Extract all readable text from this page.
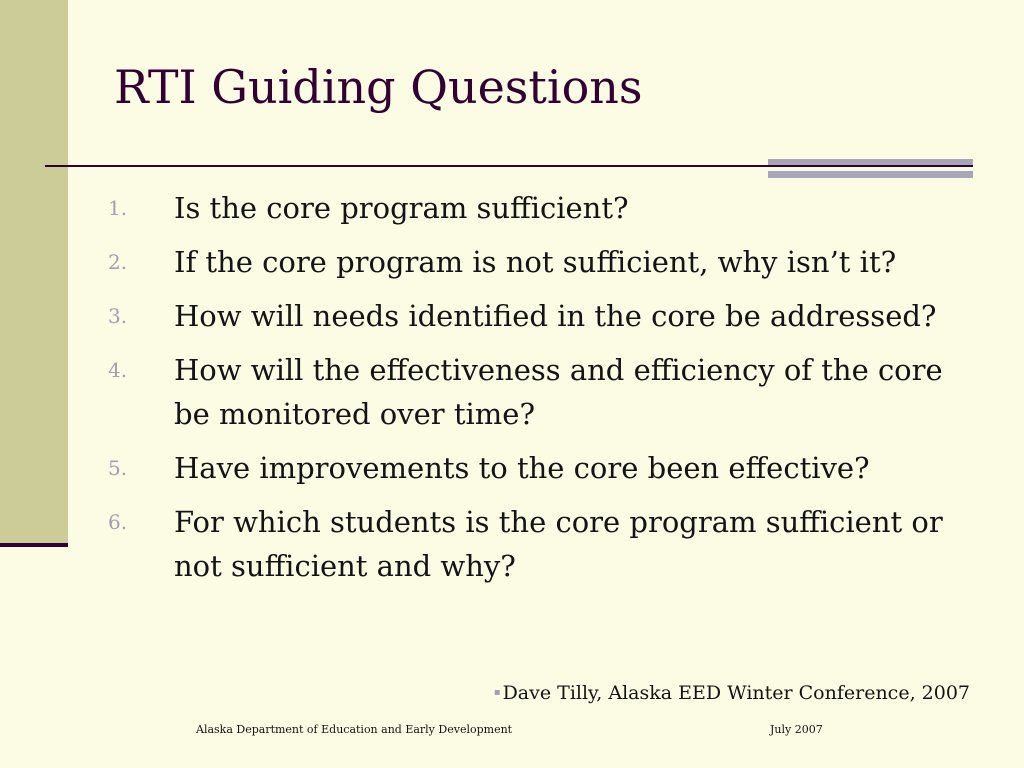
RTI Guiding Questions
1.	Is the core program sufficient?
2.	If the core program is not sufficient, why isn’t it?
3.	How will needs identified in the core be addressed?
4.	How will the effectiveness and efficiency of the core be monitored over time?
5.	Have improvements to the core been effective?
6.	For which students is the core program sufficient or not sufficient and why?
▪ Dave Tilly, Alaska EED Winter Conference, 2007
Alaska Department of Education and Early Development	July 2007
